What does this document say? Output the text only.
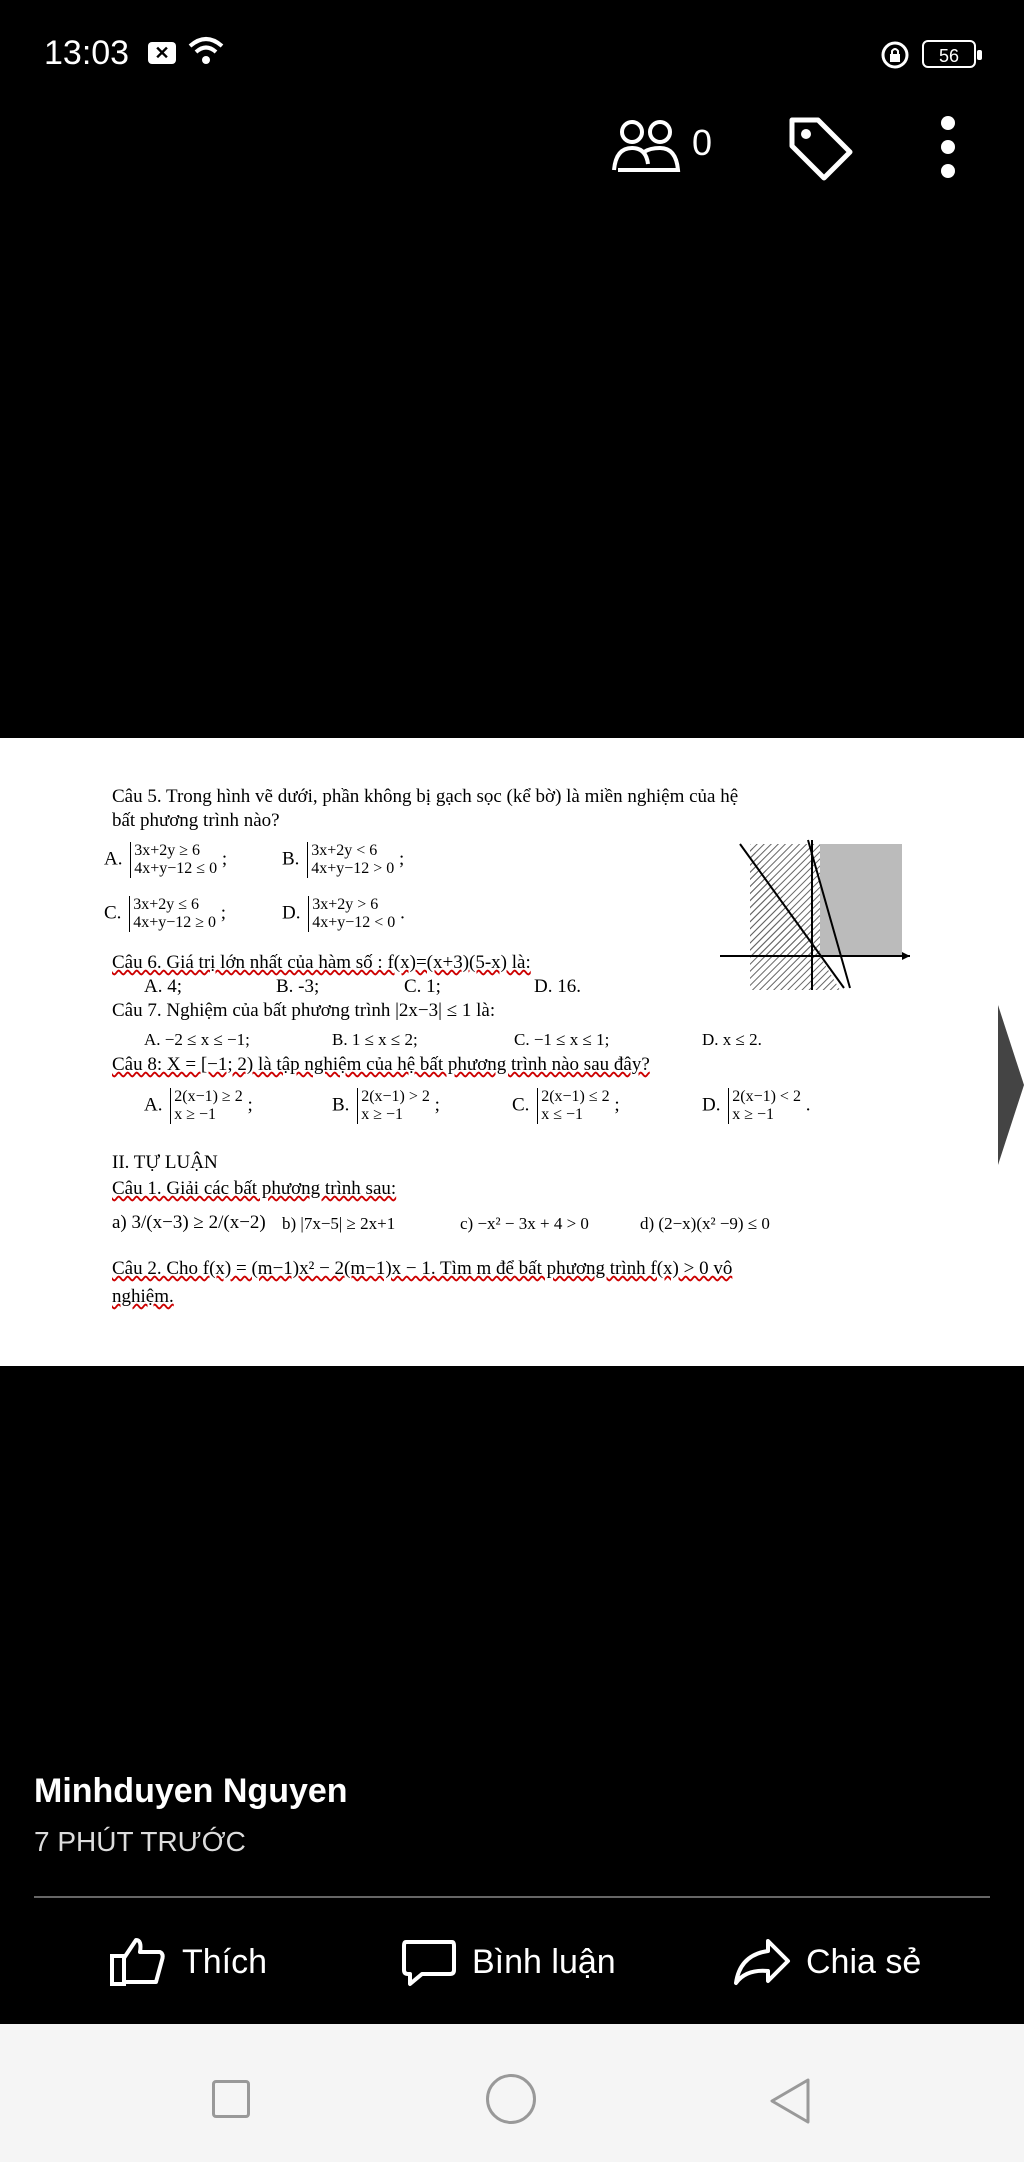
13:03	✕	56
0
Câu 5. Trong hình vẽ dưới, phần không bị gạch sọc (kể bờ) là miền nghiệm của hệ
bất phương trình nào?
A. 3x+2y ≥ 6
4x+y−12 ≤ 0 ;	B. 3x+2y < 6
4x+y−12 > 0 ;
C. 3x+2y ≤ 6
4x+y−12 ≥ 0 ;	D. 3x+2y > 6
4x+y−12 < 0 .
Câu 6. Giá trị lớn nhất của hàm số : f(x)=(x+3)(5-x) là:
A. 4;	B. -3;	C. 1;	D. 16.
Câu 7. Nghiệm của bất phương trình |2x−3| ≤ 1 là:
A. −2 ≤ x ≤ −1;	B. 1 ≤ x ≤ 2;	C. −1 ≤ x ≤ 1;	D. x ≤ 2.
Câu 8: X = [−1; 2) là tập nghiệm của hệ bất phương trình nào sau đây?
A. 2(x−1) ≥ 2
x ≥ −1 ;	B. 2(x−1) > 2
x ≥ −1 ;	C. 2(x−1) ≤ 2
x ≤ −1 ;	D. 2(x−1) < 2
x ≥ −1 .
II. TỰ LUẬN
Câu 1. Giải các bất phương trình sau:
a) 3/(x−3) ≥ 2/(x−2) b) |7x−5| ≥ 2x+1	c) −x² − 3x + 4 > 0	d) (2−x)(x² −9) ≤ 0
Câu 2. Cho f(x) = (m−1)x² − 2(m−1)x − 1. Tìm m để bất phương trình f(x) > 0 vô
nghiệm.
Minhduyen Nguyen
7 PHÚT TRƯỚC
Thích	Bình luận	Chia sẻ
